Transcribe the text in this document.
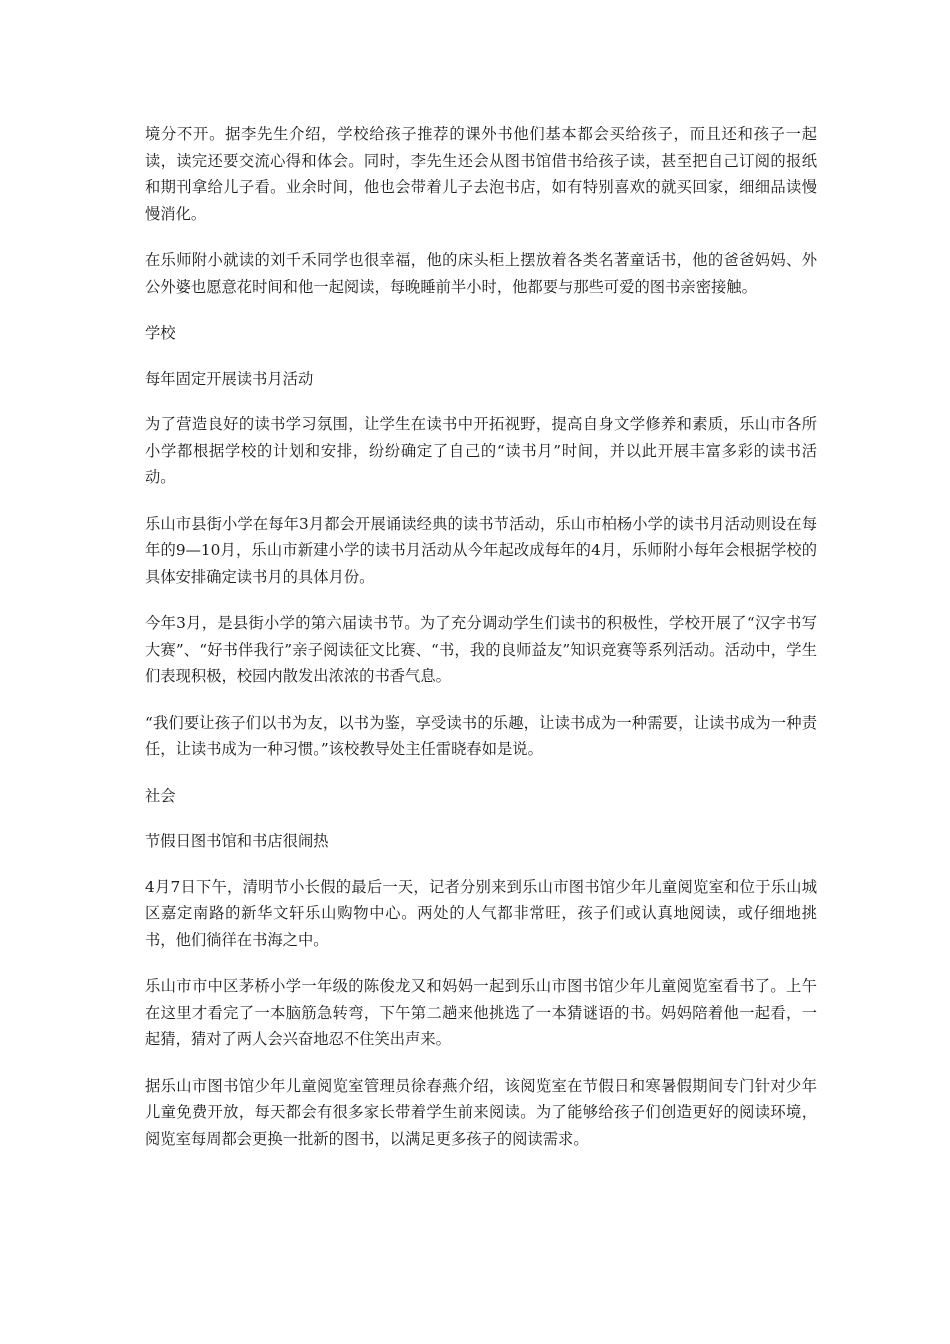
境分不开。据李先生介绍，学校给孩子推荐的课外书他们基本都会买给孩子，而且还和孩子一起读，读完还要交流心得和体会。同时，李先生还会从图书馆借书给孩子读，甚至把自己订阅的报纸和期刊拿给儿子看。业余时间，他也会带着儿子去泡书店，如有特别喜欢的就买回家，细细品读慢慢消化。

在乐师附小就读的刘千禾同学也很幸福，他的床头柜上摆放着各类名著童话书，他的爸爸妈妈、外公外婆也愿意花时间和他一起阅读，每晚睡前半小时，他都要与那些可爱的图书亲密接触。

学校

每年固定开展读书月活动

为了营造良好的读书学习氛围，让学生在读书中开拓视野，提高自身文学修养和素质，乐山市各所小学都根据学校的计划和安排，纷纷确定了自己的“读书月”时间，并以此开展丰富多彩的读书活动。

乐山市县街小学在每年3月都会开展诵读经典的读书节活动，乐山市柏杨小学的读书月活动则设在每年的9—10月，乐山市新建小学的读书月活动从今年起改成每年的4月，乐师附小每年会根据学校的具体安排确定读书月的具体月份。

今年3月，是县街小学的第六届读书节。为了充分调动学生们读书的积极性，学校开展了“汉字书写大赛”、“好书伴我行”亲子阅读征文比赛、“书，我的良师益友”知识竞赛等系列活动。活动中，学生们表现积极，校园内散发出浓浓的书香气息。

“我们要让孩子们以书为友，以书为鉴，享受读书的乐趣，让读书成为一种需要，让读书成为一种责任，让读书成为一种习惯。”该校教导处主任雷晓春如是说。

社会

节假日图书馆和书店很闹热

4月7日下午，清明节小长假的最后一天，记者分别来到乐山市图书馆少年儿童阅览室和位于乐山城区嘉定南路的新华文轩乐山购物中心。两处的人气都非常旺，孩子们或认真地阅读，或仔细地挑书，他们徜徉在书海之中。

乐山市市中区茅桥小学一年级的陈俊龙又和妈妈一起到乐山市图书馆少年儿童阅览室看书了。上午在这里才看完了一本脑筋急转弯，下午第二趟来他挑选了一本猜谜语的书。妈妈陪着他一起看，一起猜，猜对了两人会兴奋地忍不住笑出声来。

据乐山市图书馆少年儿童阅览室管理员徐春燕介绍，该阅览室在节假日和寒暑假期间专门针对少年儿童免费开放，每天都会有很多家长带着学生前来阅读。为了能够给孩子们创造更好的阅读环境，阅览室每周都会更换一批新的图书，以满足更多孩子的阅读需求。
